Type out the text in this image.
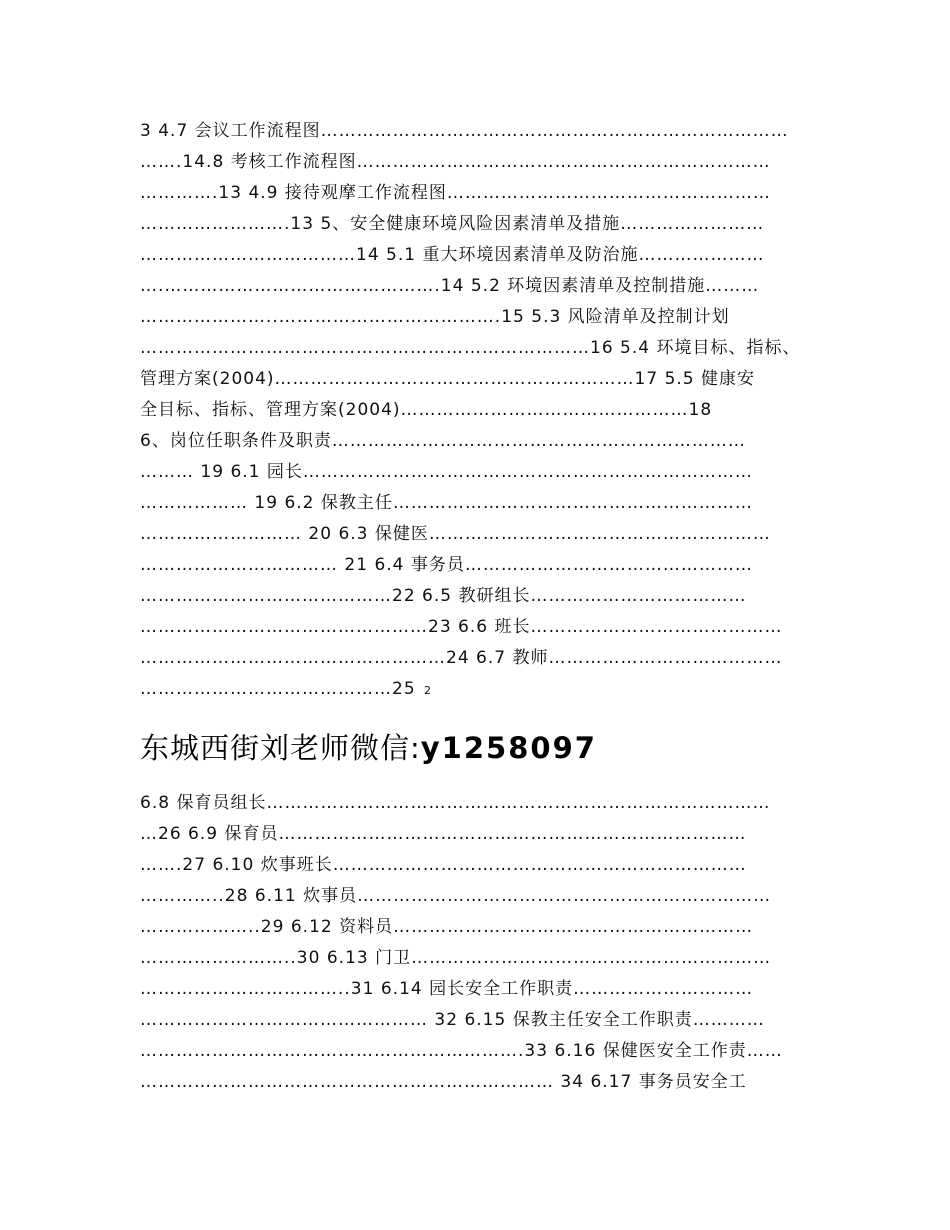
3 4.7 会议工作流程图……………………………………………………………………
…….14.8 考核工作流程图……………………………………………………………
………….13 4.9 接待观摩工作流程图………………………………………………
…………………….13 5、安全健康环境风险因素清单及措施……………………
………………………………14 5.1 重大环境因素清单及防治施…………………
….……………………………………….14 5.2 环境因素清单及控制措施………
…………………..……………………………….15 5.3 风险清单及控制计划
…………………………………………………………………16 5.4 环境目标、指标、
管理方案(2004)……………………………………………………17 5.5 健康安
全目标、指标、管理方案(2004)…………………………………………18
6、岗位任职条件及职责……………………………………………………………
……… 19 6.1 园长…………………………………………………………………
……………… 19 6.2 保教主任……………………………………………………
……………………… 20 6.3 保健医…………………………………………………
…………………………… 21 6.4 事务员…………………………………………
……………………………………22 6.5 教研组长………………………………
…………………………………………23 6.6 班长……………………………………
……………………………………………24 6.7 教师…………………………………
……………………………………25 2
东城西街刘老师微信:y1258097
6.8 保育员组长…………………………………………………………………………
…26 6.9 保育员……………………………………………………………………
…….27 6.10 炊事班长……………………………………………………………
…………..28 6.11 炊事员……………………………………………………………
………………..29 6.12 资料员……………………………………………………
……………………..30 6.13 门卫……………………………………………………
……………………………..31 6.14 园长安全工作职责…………………………
………………………………………… 32 6.15 保教主任安全工作职责…………
……………………………………………………….33 6.16 保健医安全工作责……
…………………………………………………………… 34 6.17 事务员安全工
